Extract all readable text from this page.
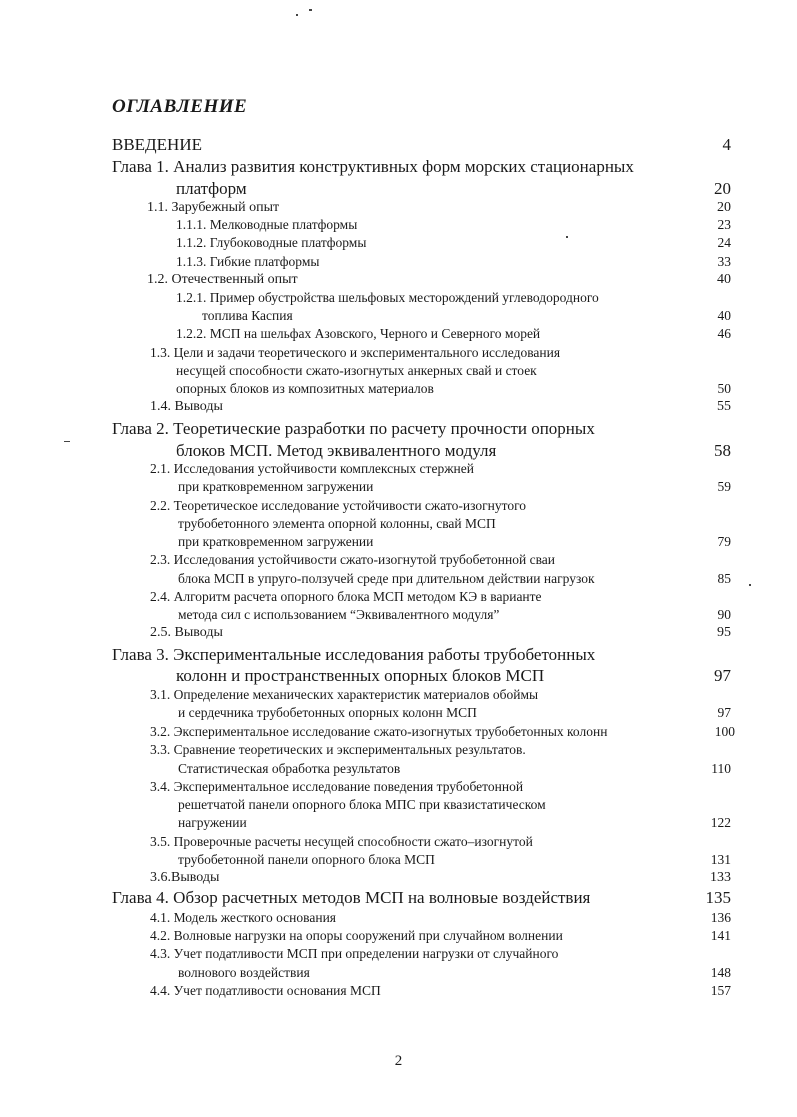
ОГЛАВЛЕНИЕ
ВВЕДЕНИЕ	4
Глава 1. Анализ развития конструктивных форм морских стационарных
платформ	20
1.1. Зарубежный опыт	20
1.1.1. Мелководные платформы	23
1.1.2. Глубоководные платформы	24
1.1.3. Гибкие платформы	33
1.2. Отечественный опыт	40
1.2.1. Пример обустройства шельфовых месторождений углеводородного
топлива Каспия	40
1.2.2. МСП на шельфах Азовского, Черного и Северного морей	46
1.3. Цели и задачи теоретического и экспериментального исследования
несущей способности сжато-изогнутых анкерных свай и стоек
опорных блоков из композитных материалов	50
1.4. Выводы	55
Глава 2. Теоретические разработки по расчету прочности опорных
блоков МСП. Метод эквивалентного модуля	58
2.1. Исследования устойчивости комплексных стержней
при кратковременном загружении	59
2.2. Теоретическое исследование устойчивости сжато-изогнутого
трубобетонного элемента опорной колонны, свай МСП
при кратковременном загружении	79
2.3. Исследования устойчивости сжато-изогнутой трубобетонной сваи
блока МСП в упруго-ползучей среде при длительном действии нагрузок	85
2.4. Алгоритм расчета опорного блока МСП методом КЭ в варианте
метода сил с использованием “Эквивалентного модуля”	90
2.5. Выводы	95
Глава 3. Экспериментальные исследования работы трубобетонных
колонн и пространственных опорных блоков МСП	97
3.1. Определение механических характеристик материалов обоймы
и сердечника трубобетонных опорных колонн МСП	97
3.2. Экспериментальное исследование сжато-изогнутых трубобетонных колонн	100
3.3. Сравнение теоретических и экспериментальных результатов.
Статистическая обработка результатов	110
3.4. Экспериментальное исследование поведения трубобетонной
решетчатой панели опорного блока МПС при квазистатическом
нагружении	122
3.5. Проверочные расчеты несущей способности сжато–изогнутой
трубобетонной панели опорного блока МСП	131
3.6.Выводы	133
Глава 4. Обзор расчетных методов МСП на волновые воздействия	135
4.1. Модель жесткого основания	136
4.2. Волновые нагрузки на опоры сооружений при случайном волнении	141
4.3. Учет податливости МСП при определении нагрузки от случайного
волнового воздействия	148
4.4. Учет податливости основания МСП	157
2
